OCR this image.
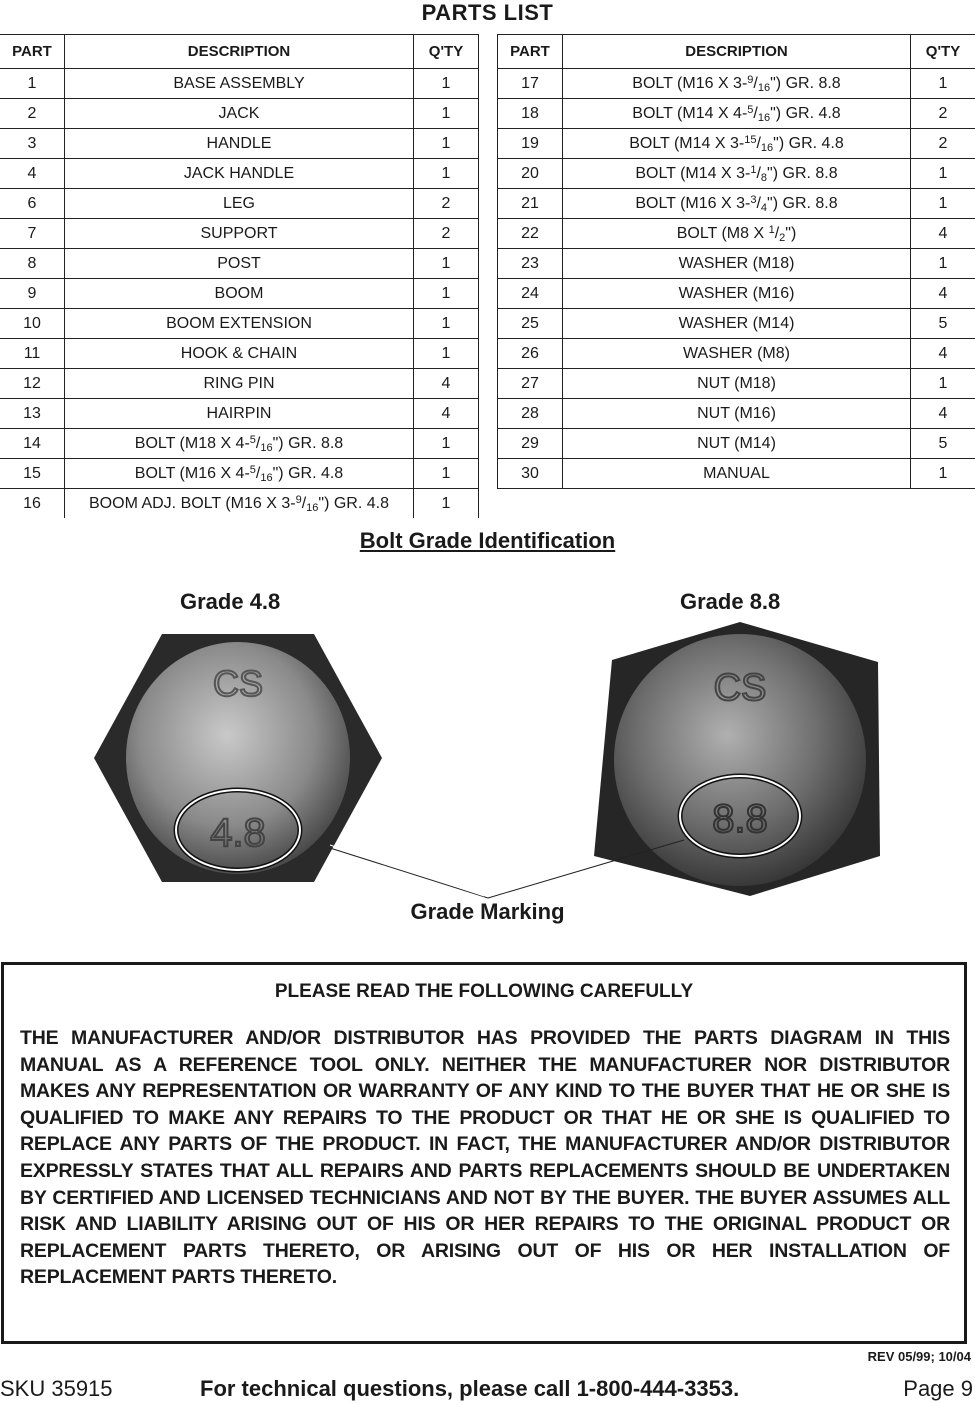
PARTS LIST
PART	DESCRIPTION	Q'TY
1	BASE ASSEMBLY	1
2	JACK	1
3	HANDLE	1
4	JACK HANDLE	1
6	LEG	2
7	SUPPORT	2
8	POST	1
9	BOOM	1
10	BOOM EXTENSION	1
11	HOOK & CHAIN	1
12	RING PIN	4
13	HAIRPIN	4
14	BOLT (M18 X $4-^5/_{16}$") GR. 8.8	1
15	BOLT (M16 X $4-^5/_{16}$") GR. 4.8	1
16	BOOM ADJ. BOLT (M16 X $3-^9/_{16}$") GR. 4.8	1
PART	DESCRIPTION	Q'TY
17	BOLT (M16 X $3-^9/_{16}$") GR. 8.8	1
18	BOLT (M14 X $4-^5/_{16}$") GR. 4.8	2
19	BOLT (M14 X $3-^{15}/_{16}$") GR. 4.8	2
20	BOLT (M14 X $3-^1/_8$") GR. 8.8	1
21	BOLT (M16 X $3-^3/_4$") GR. 8.8	1
22	BOLT (M8 X $^1/_2$")	4
23	WASHER (M18)	1
24	WASHER (M16)	4
25	WASHER (M14)	5
26	WASHER (M8)	4
27	NUT (M18)	1
28	NUT (M16)	4
29	NUT (M14)	5
30	MANUAL	1
Bolt Grade Identification
Grade 4.8	Grade 8.8
CS
4.8
CS
8.8
Grade Marking
PLEASE READ THE FOLLOWING CAREFULLY
THE MANUFACTURER AND/OR DISTRIBUTOR HAS PROVIDED THE PARTS DIAGRAM IN THIS MANUAL AS A REFERENCE TOOL ONLY. NEITHER THE MANUFACTURER NOR DISTRIBUTOR MAKES ANY REPRESENTATION OR WARRANTY OF ANY KIND TO THE BUYER THAT HE OR SHE IS QUALIFIED TO MAKE ANY REPAIRS TO THE PRODUCT OR THAT HE OR SHE IS QUALIFIED TO REPLACE ANY PARTS OF THE PRODUCT. IN FACT, THE MANUFACTURER AND/OR DISTRIBUTOR EXPRESSLY STATES THAT ALL REPAIRS AND PARTS REPLACEMENTS SHOULD BE UNDERTAKEN BY CERTIFIED AND LICENSED TECHNICIANS AND NOT BY THE BUYER. THE BUYER ASSUMES ALL RISK AND LIABILITY ARISING OUT OF HIS OR HER REPAIRS TO THE ORIGINAL PRODUCT OR REPLACEMENT PARTS THERETO, OR ARISING OUT OF HIS OR HER INSTALLATION OF REPLACEMENT PARTS THERETO.
REV 05/99; 10/04
SKU 35915	For technical questions, please call 1-800-444-3353.	Page 9
